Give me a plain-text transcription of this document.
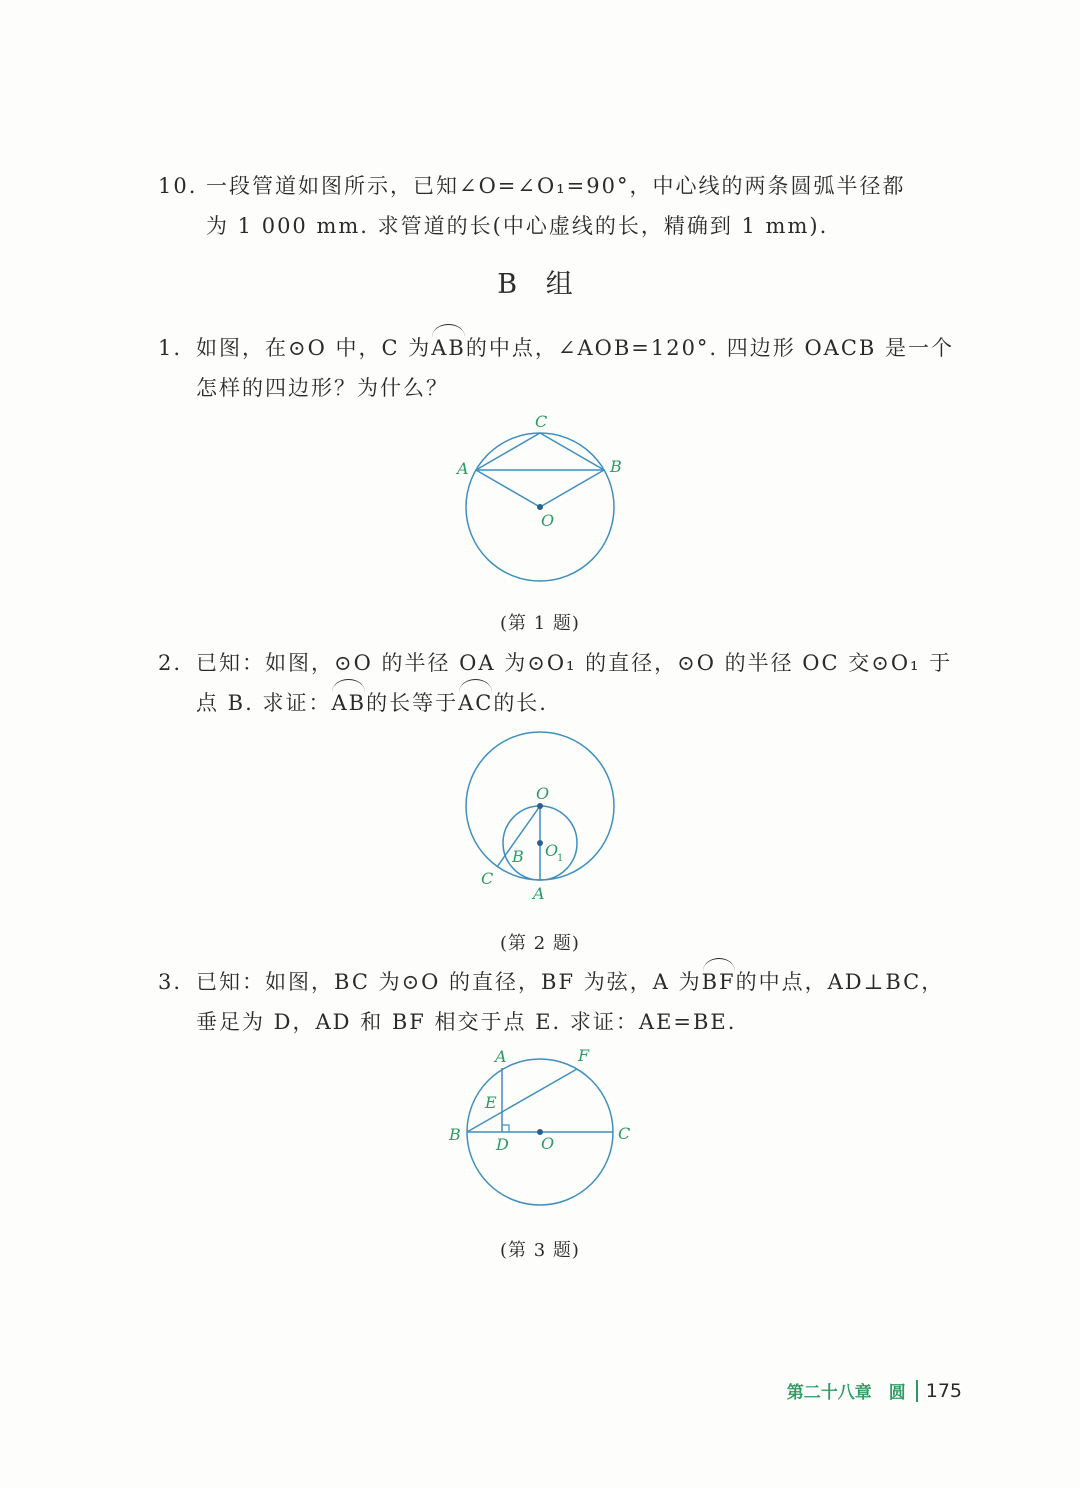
10. 一段管道如图所示，已知∠O=∠O₁=90°，中心线的两条圆弧半径都
为 1 000 mm. 求管道的长(中心虚线的长，精确到 1 mm).
B 组
1. 如图，在⊙O 中，C 为AB的中点，∠AOB=120°. 四边形 OACB 是一个
怎样的四边形？为什么？
C
A	B
O
(第 1 题)
2. 已知：如图，⊙O 的半径 OA 为⊙O₁ 的直径，⊙O 的半径 OC 交⊙O₁ 于
点 B. 求证：AB的长等于AC的长.
O
B O
1
C
A
(第 2 题)
3. 已知：如图，BC 为⊙O 的直径，BF 为弦，A 为BF的中点，AD⊥BC，
垂足为 D，AD 和 BF 相交于点 E. 求证：AE=BE.
A	F
E
B
D O
C
(第 3 题)
第二十八章　圆 175
